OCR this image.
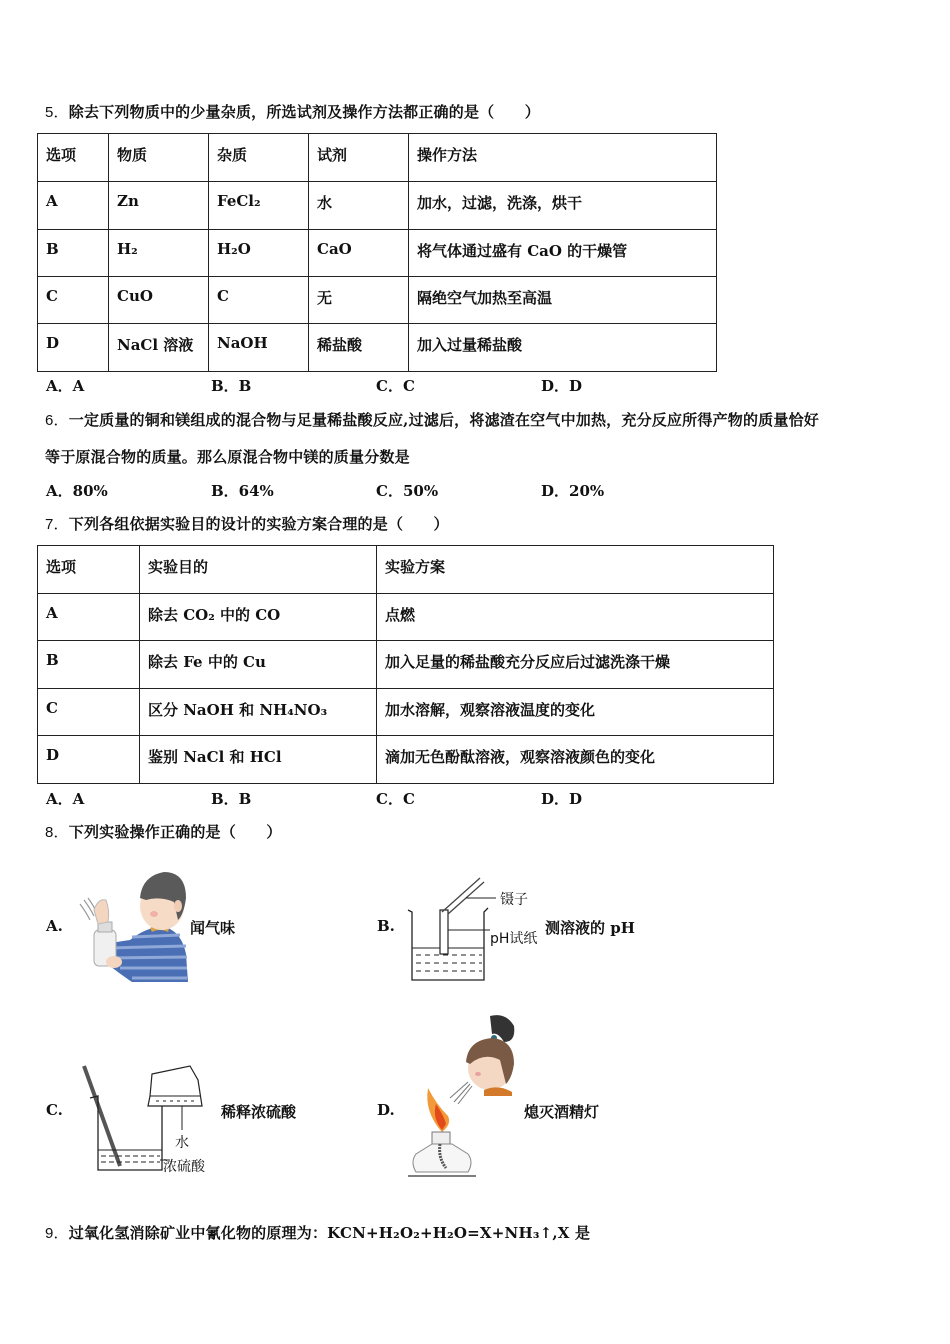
5．除去下列物质中的少量杂质，所选试剂及操作方法都正确的是（　　）
选项	物质	杂质	试剂	操作方法
A	Zn	FeCl₂	水	加水，过滤，洗涤，烘干
B	H₂	H₂O	CaO	将气体通过盛有 CaO 的干燥管
C	CuO	C	无	隔绝空气加热至高温
D	NaCl 溶液	NaOH	稀盐酸	加入过量稀盐酸
A．A	B．B	C．C	D．D
6．一定质量的铜和镁组成的混合物与足量稀盐酸反应,过滤后，将滤渣在空气中加热，充分反应所得产物的质量恰好
等于原混合物的质量。那么原混合物中镁的质量分数是
A．80%	B．64%	C．50%	D．20%
7．下列各组依据实验目的设计的实验方案合理的是（　　）
选项	实验目的	实验方案
A	除去 CO₂ 中的 CO	点燃
B	除去 Fe 中的 Cu	加入足量的稀盐酸充分反应后过滤洗涤干燥
C	区分 NaOH 和 NH₄NO₃	加水溶解，观察溶液温度的变化
D	鉴别 NaCl 和 HCl	滴加无色酚酞溶液，观察溶液颜色的变化
A．A	B．B	C．C	D．D
8．下列实验操作正确的是（　　）
A.	闻气味	B.
镊子
pH试纸
测溶液的 pH
C.
水
浓硫酸
稀释浓硫酸	D.	熄灭酒精灯
9．过氧化氢消除矿业中氰化物的原理为：KCN+H₂O₂+H₂O=X+NH₃↑,X 是
